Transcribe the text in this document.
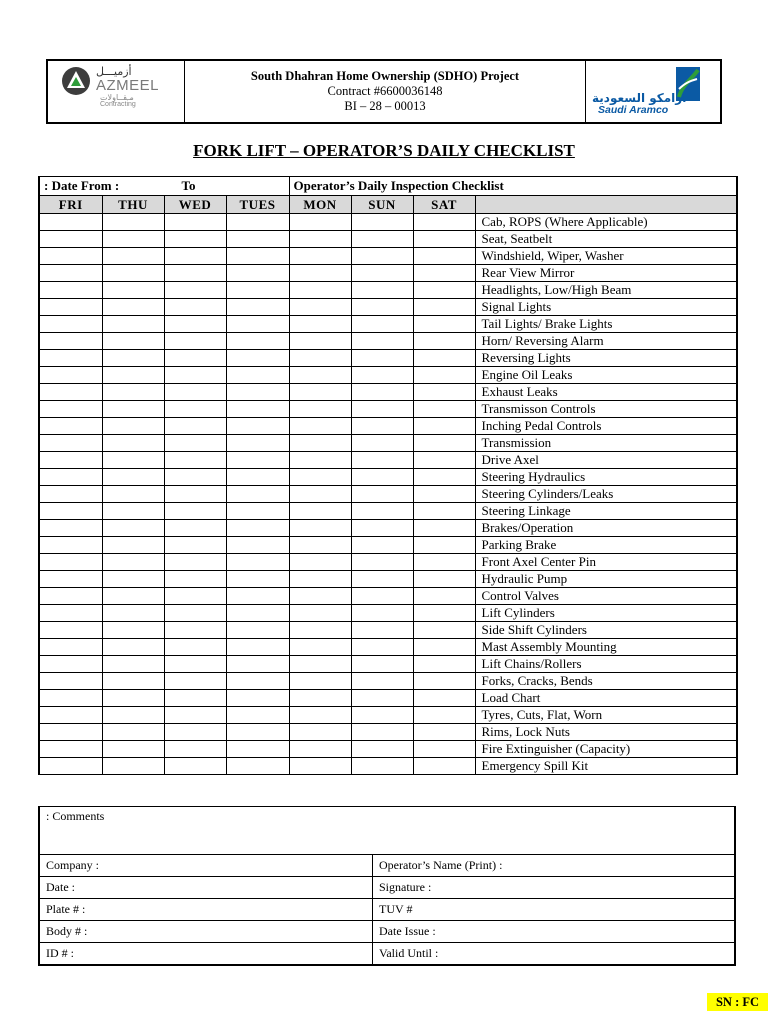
أزميـــل
AZMEEL
مـقــاولات
Contracting
South Dhahran Home Ownership (SDHO) Project
Contract #6600036148
BI – 28 – 00013
ارامكو السعودية
Saudi Aramco
FORK LIFT – OPERATOR’S DAILY CHECKLIST
: Date From : To				Operator’s Daily Inspection Checklist			
FRI	THU	WED	TUES	MON	SUN	SAT	
							Cab, ROPS (Where Applicable)
							Seat, Seatbelt
							Windshield, Wiper, Washer
							Rear View Mirror
							Headlights, Low/High Beam
							Signal Lights
							Tail Lights/ Brake Lights
							Horn/ Reversing Alarm
							Reversing Lights
							Engine Oil Leaks
							Exhaust Leaks
							Transmisson Controls
							Inching Pedal Controls
							Transmission
							Drive Axel
							Steering Hydraulics
							Steering Cylinders/Leaks
							Steering Linkage
							Brakes/Operation
							Parking Brake
							Front Axel Center Pin
							Hydraulic Pump
							Control Valves
							Lift Cylinders
							Side Shift Cylinders
							Mast Assembly Mounting
							Lift Chains/Rollers
							Forks, Cracks, Bends
							Load Chart
							Tyres, Cuts, Flat, Worn
							Rims, Lock Nuts
							Fire Extinguisher (Capacity)
							Emergency Spill Kit
: Comments
Company :	Operator’s Name (Print) :
Date :	Signature :
Plate # :	TUV #
Body # :	Date Issue :
ID # :	Valid Until :
SN : FC
